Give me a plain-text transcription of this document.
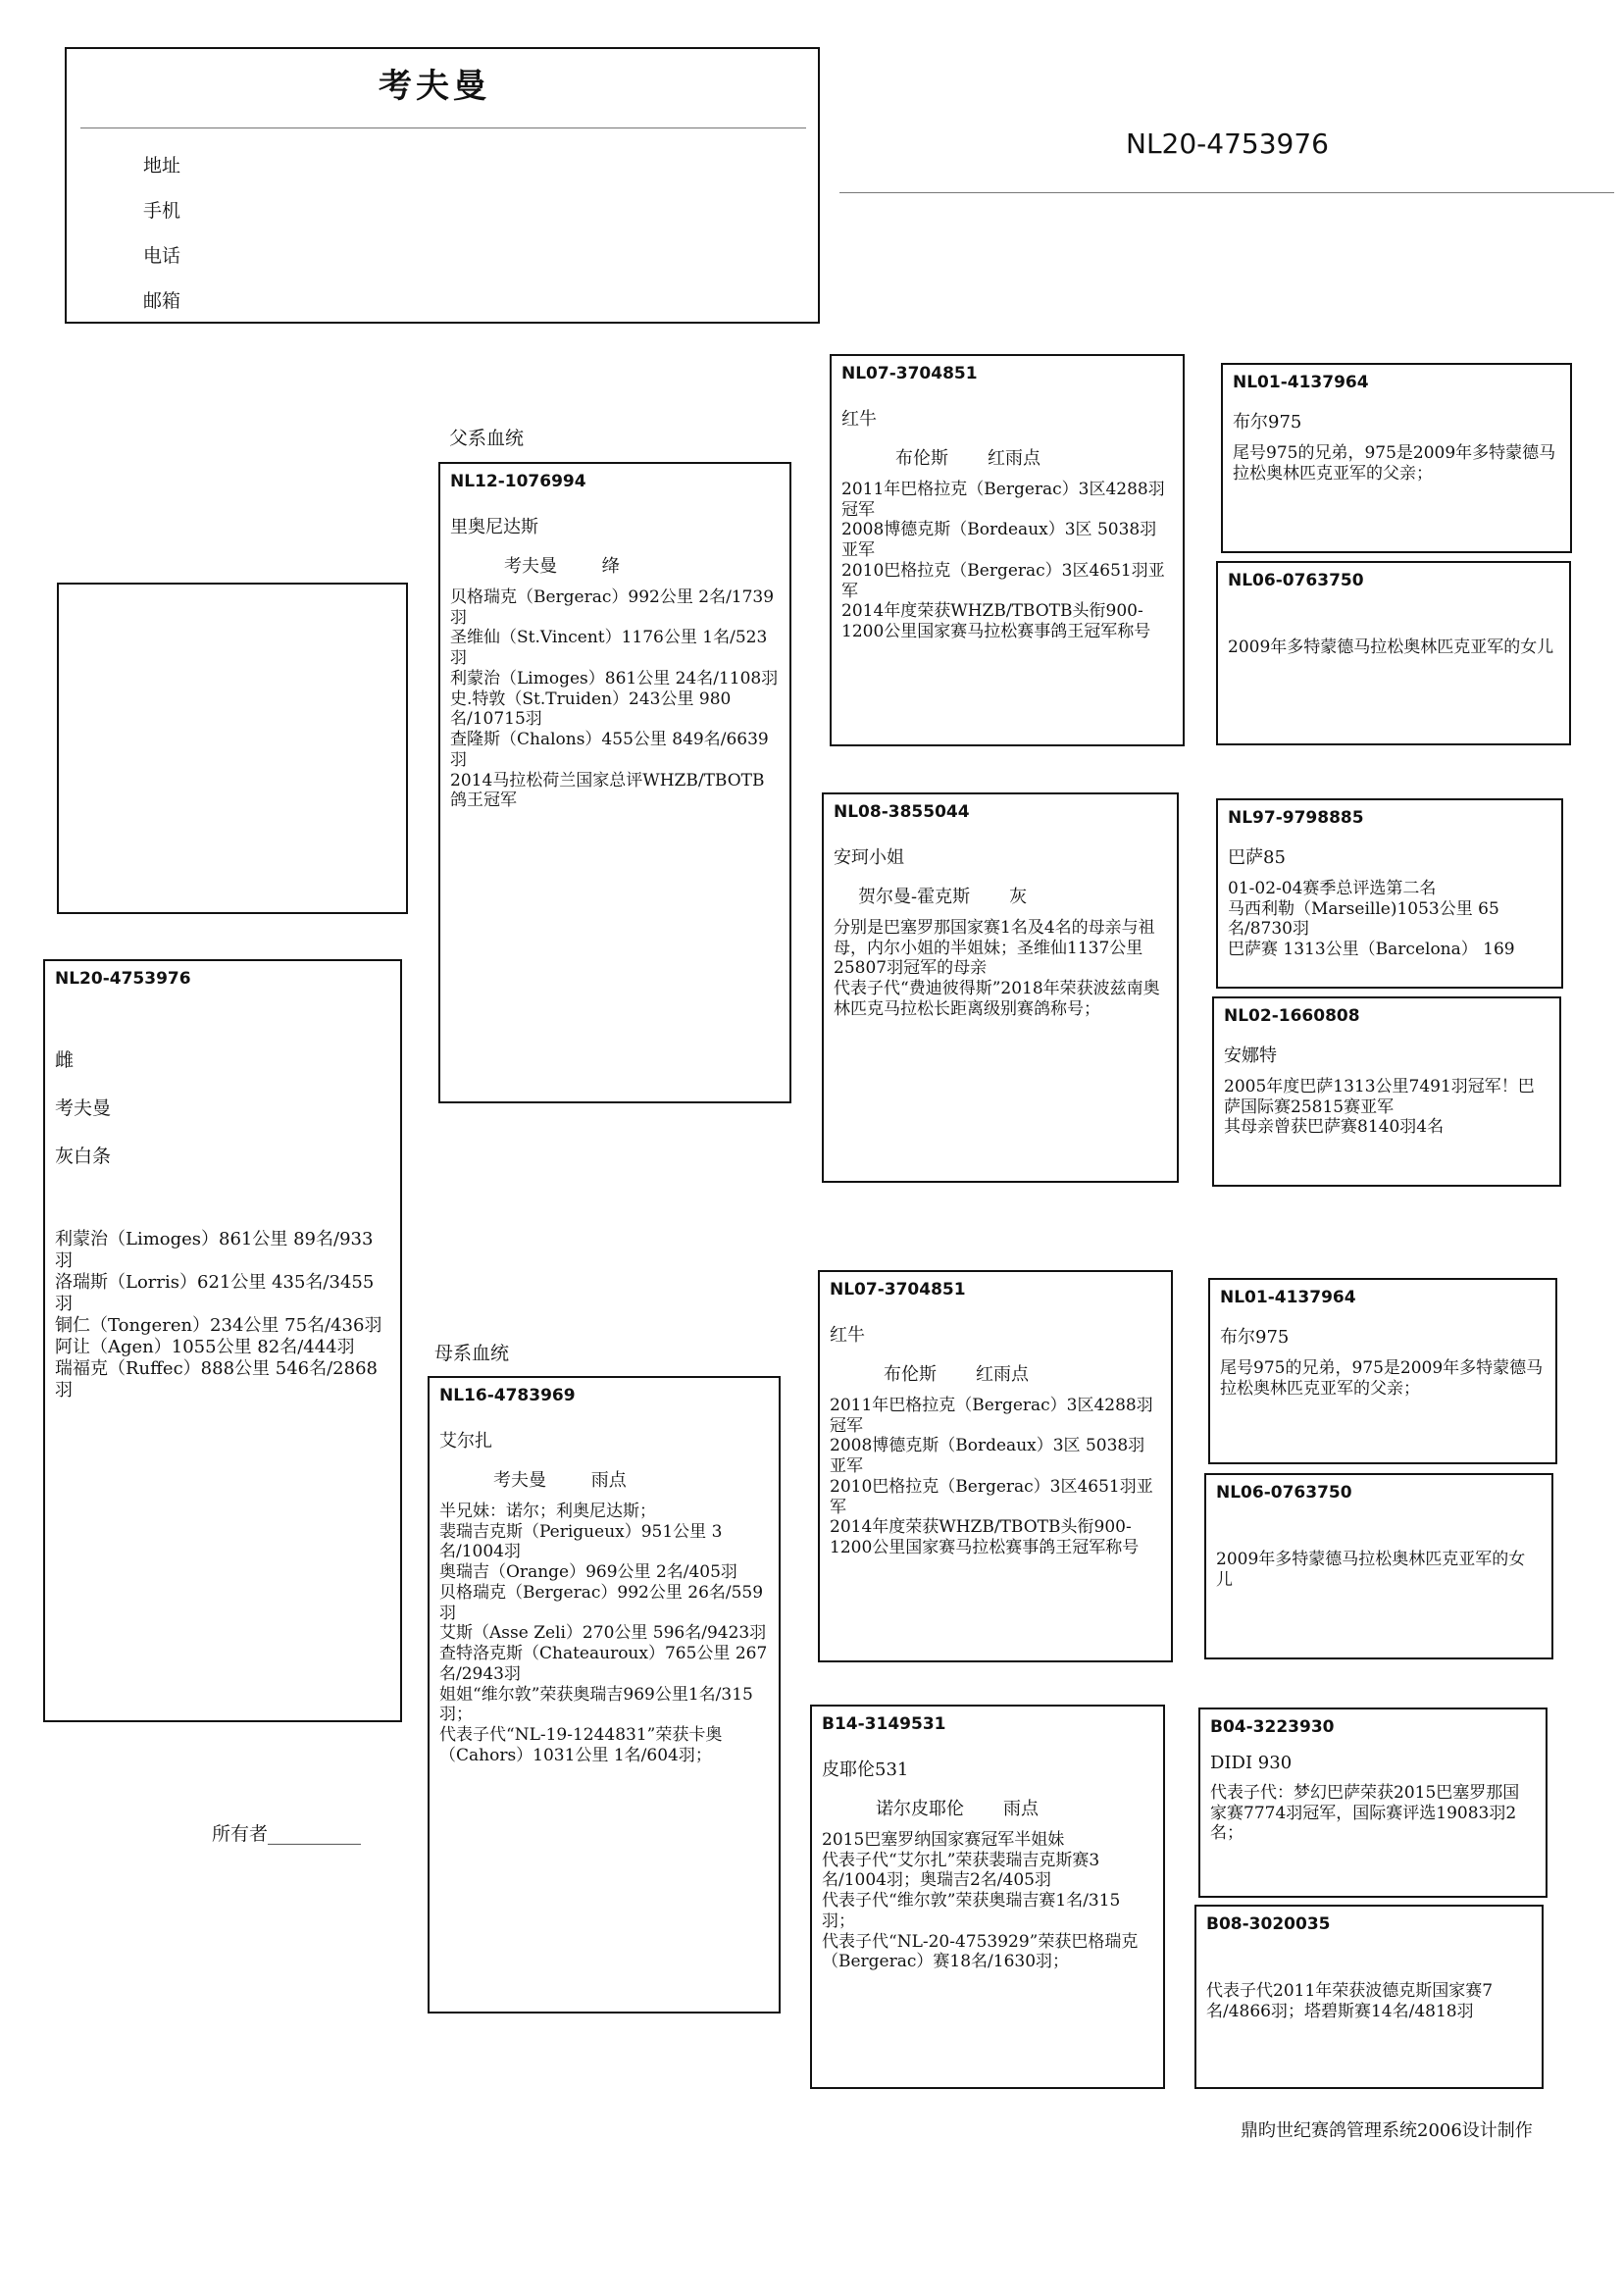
考夫曼
地址
手机
电话
邮箱
NL20-4753976
NL20-4753976
雌
考夫曼
灰白条
利蒙治（Limoges）861公里 89名/933羽
洛瑞斯（Lorris）621公里 435名/3455羽
铜仁（Tongeren）234公里 75名/436羽
阿让（Agen）1055公里 82名/444羽
瑞福克（Ruffec）888公里 546名/2868羽
所有者__________
父系血统
母系血统
NL12-1076994
里奥尼达斯
考夫曼        绛
贝格瑞克（Bergerac）992公里 2名/1739羽
圣维仙（St.Vincent）1176公里 1名/523羽
利蒙治（Limoges）861公里 24名/1108羽
史.特敦（St.Truiden）243公里 980名/10715羽
查隆斯（Chalons）455公里 849名/6639羽
2014马拉松荷兰国家总评WHZB/TBOTB鸽王冠军
NL16-4783969
艾尔扎
考夫曼        雨点
半兄妹：诺尔；利奥尼达斯；
裴瑞吉克斯（Perigueux）951公里 3名/1004羽
奥瑞吉（Orange）969公里 2名/405羽
贝格瑞克（Bergerac）992公里 26名/559羽
艾斯（Asse Zeli）270公里 596名/9423羽
查特洛克斯（Chateauroux）765公里 267名/2943羽
姐姐“维尔敦”荣获奥瑞吉969公里1名/315羽；
代表子代“NL-19-1244831”荣获卡奥（Cahors）1031公里 1名/604羽；
NL07-3704851
红牛
布伦斯       红雨点
2011年巴格拉克（Bergerac）3区4288羽冠军
2008博德克斯（Bordeaux）3区 5038羽 亚军
2010巴格拉克（Bergerac）3区4651羽亚军
2014年度荣获WHZB/TBOTB头衔900-1200公里国家赛马拉松赛事鸽王冠军称号
NL08-3855044
安珂小姐
贺尔曼-霍克斯       灰
分别是巴塞罗那国家赛1名及4名的母亲与祖母，内尔小姐的半姐妹；圣维仙1137公里25807羽冠军的母亲
代表子代“费迪彼得斯”2018年荣获波兹南奥林匹克马拉松长距离级别赛鸽称号；
NL07-3704851
红牛
布伦斯       红雨点
2011年巴格拉克（Bergerac）3区4288羽冠军
2008博德克斯（Bordeaux）3区 5038羽 亚军
2010巴格拉克（Bergerac）3区4651羽亚军
2014年度荣获WHZB/TBOTB头衔900-1200公里国家赛马拉松赛事鸽王冠军称号
B14-3149531
皮耶伦531
诺尔皮耶伦       雨点
2015巴塞罗纳国家赛冠军半姐妹
代表子代“艾尔扎”荣获裴瑞吉克斯赛3名/1004羽；奥瑞吉2名/405羽
代表子代“维尔敦”荣获奥瑞吉赛1名/315羽；
代表子代“NL-20-4753929”荣获巴格瑞克（Bergerac）赛18名/1630羽；
NL01-4137964
布尔975
尾号975的兄弟，975是2009年多特蒙德马拉松奥林匹克亚军的父亲；
NL06-0763750
2009年多特蒙德马拉松奥林匹克亚军的女儿
NL97-9798885
巴萨85
01-02-04赛季总评选第二名
马西利勒（Marseille)1053公里 65名/8730羽
巴萨赛 1313公里（Barcelona） 169
NL02-1660808
安娜特
2005年度巴萨1313公里7491羽冠军！巴萨国际赛25815赛亚军
其母亲曾获巴萨赛8140羽4名
NL01-4137964
布尔975
尾号975的兄弟，975是2009年多特蒙德马拉松奥林匹克亚军的父亲；
NL06-0763750
2009年多特蒙德马拉松奥林匹克亚军的女儿
B04-3223930
DIDI 930
代表子代：梦幻巴萨荣获2015巴塞罗那国家赛7774羽冠军，国际赛评选19083羽2名；
B08-3020035
代表子代2011年荣获波德克斯国家赛7名/4866羽；塔碧斯赛14名/4818羽
鼎昀世纪赛鸽管理系统2006设计制作
